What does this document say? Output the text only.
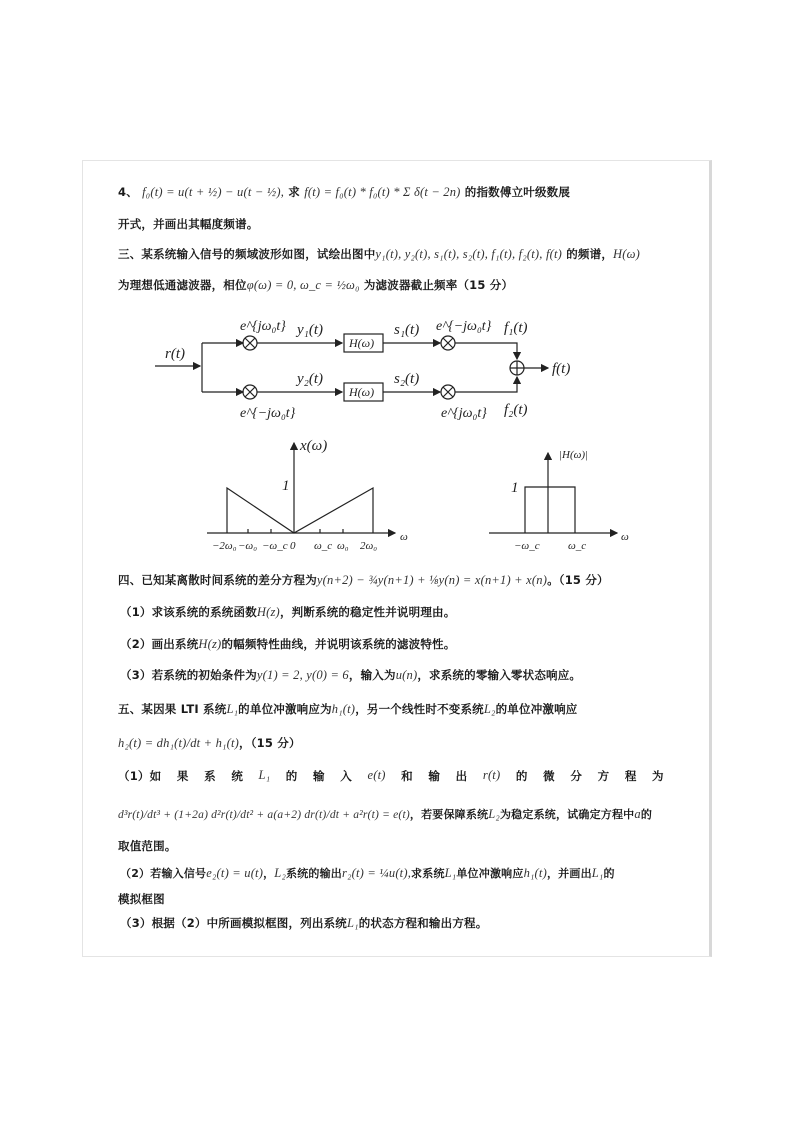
4、 f₀(t) = u(t + ½) − u(t − ½), 求 f(t) = f₀(t) * f₀(t) * Σ δ(t − 2n) 的指数傅立叶级数展
开式，并画出其幅度频谱。
三、某系统输入信号的频域波形如图，试绘出图中y₁(t), y₂(t), s₁(t), s₂(t), f₁(t), f₂(t), f(t) 的频谱，H(ω)
为理想低通滤波器，相位φ(ω) = 0, ω_c = ½ω₀ 为滤波器截止频率（15 分）
r(t)
e^{jω₀t}
e^{−jω₀t}
y₁(t)
y₂(t)
H(ω)
H(ω)
s₁(t)
s₂(t)
e^{−jω₀t}
e^{jω₀t}
f₁(t)
f₂(t)
f(t)
x(ω)
1
−2ω₀ −ω₀ −ω_c 0 ω_c ω₀ 2ω₀
ω
|H(ω)|
1
−ω_c	ω_c
ω
四、已知某离散时间系统的差分方程为y(n+2) − ¾y(n+1) + ⅛y(n) = x(n+1) + x(n)。（15 分）
（1）求该系统的系统函数H(z)，判断系统的稳定性并说明理由。
（2）画出系统H(z)的幅频特性曲线，并说明该系统的滤波特性。
（3）若系统的初始条件为y(1) = 2, y(0) = 6，输入为u(n)，求系统的零输入零状态响应。
五、某因果 LTI 系统L₁的单位冲激响应为h₁(t)，另一个线性时不变系统L₂的单位冲激响应
h₂(t) = dh₁(t)/dt + h₁(t)，（15 分）
（1）如 果 系 统 L₁ 的 输 入 e(t) 和 输 出 r(t) 的 微 分 方 程 为
d³r(t)/dt³ + (1+2a) d²r(t)/dt² + a(a+2) dr(t)/dt + a²r(t) = e(t)，若要保障系统L₂为稳定系统，试确定方程中a的
取值范围。
（2）若输入信号e₂(t) = u(t)，L₂系统的输出r₂(t) = ¼u(t),求系统L₁单位冲激响应h₁(t)，并画出L₁的
模拟框图
（3）根据（2）中所画模拟框图，列出系统L₁的状态方程和输出方程。
